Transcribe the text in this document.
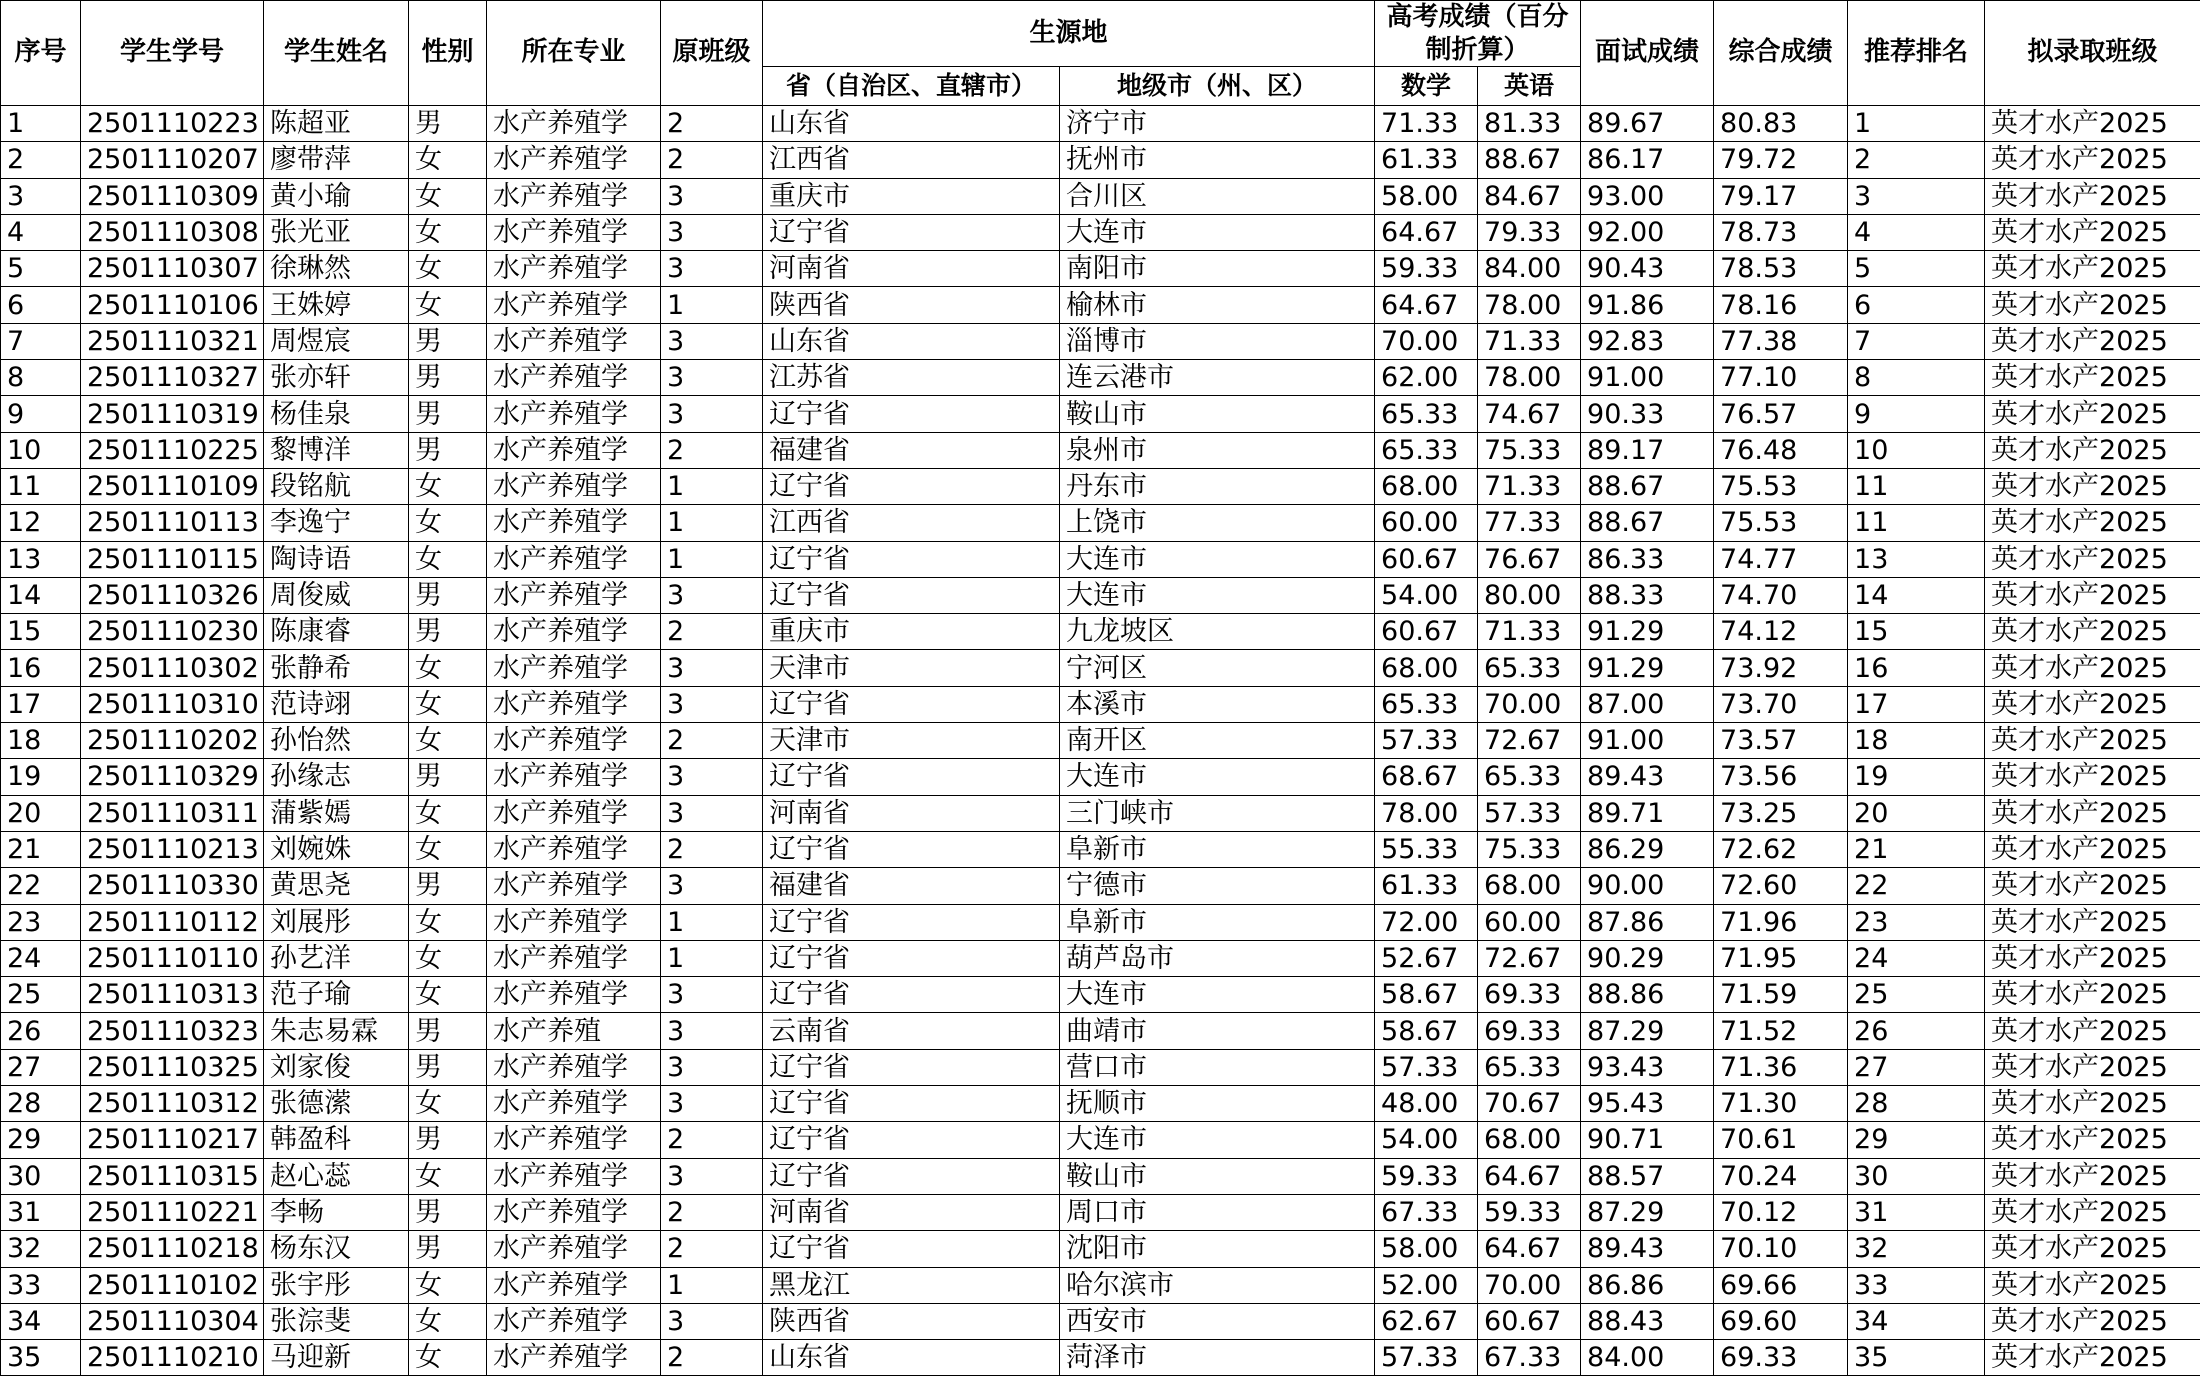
序号	学生学号	学生姓名	性别	所在专业	原班级	生源地		高考成绩（百分制折算）		面试成绩	综合成绩	推荐排名	拟录取班级
						省（自治区、直辖市）	地级市（州、区）	数学	英语				
1	2501110223	陈超亚	男	水产养殖学	2	山东省	济宁市	71.33	81.33	89.67	80.83	1	英才水产2025
2	2501110207	廖带萍	女	水产养殖学	2	江西省	抚州市	61.33	88.67	86.17	79.72	2	英才水产2025
3	2501110309	黄小瑜	女	水产养殖学	3	重庆市	合川区	58.00	84.67	93.00	79.17	3	英才水产2025
4	2501110308	张光亚	女	水产养殖学	3	辽宁省	大连市	64.67	79.33	92.00	78.73	4	英才水产2025
5	2501110307	徐琳然	女	水产养殖学	3	河南省	南阳市	59.33	84.00	90.43	78.53	5	英才水产2025
6	2501110106	王姝婷	女	水产养殖学	1	陕西省	榆林市	64.67	78.00	91.86	78.16	6	英才水产2025
7	2501110321	周煜宸	男	水产养殖学	3	山东省	淄博市	70.00	71.33	92.83	77.38	7	英才水产2025
8	2501110327	张亦轩	男	水产养殖学	3	江苏省	连云港市	62.00	78.00	91.00	77.10	8	英才水产2025
9	2501110319	杨佳泉	男	水产养殖学	3	辽宁省	鞍山市	65.33	74.67	90.33	76.57	9	英才水产2025
10	2501110225	黎博洋	男	水产养殖学	2	福建省	泉州市	65.33	75.33	89.17	76.48	10	英才水产2025
11	2501110109	段铭航	女	水产养殖学	1	辽宁省	丹东市	68.00	71.33	88.67	75.53	11	英才水产2025
12	2501110113	李逸宁	女	水产养殖学	1	江西省	上饶市	60.00	77.33	88.67	75.53	11	英才水产2025
13	2501110115	陶诗语	女	水产养殖学	1	辽宁省	大连市	60.67	76.67	86.33	74.77	13	英才水产2025
14	2501110326	周俊威	男	水产养殖学	3	辽宁省	大连市	54.00	80.00	88.33	74.70	14	英才水产2025
15	2501110230	陈康睿	男	水产养殖学	2	重庆市	九龙坡区	60.67	71.33	91.29	74.12	15	英才水产2025
16	2501110302	张静希	女	水产养殖学	3	天津市	宁河区	68.00	65.33	91.29	73.92	16	英才水产2025
17	2501110310	范诗翊	女	水产养殖学	3	辽宁省	本溪市	65.33	70.00	87.00	73.70	17	英才水产2025
18	2501110202	孙怡然	女	水产养殖学	2	天津市	南开区	57.33	72.67	91.00	73.57	18	英才水产2025
19	2501110329	孙缘志	男	水产养殖学	3	辽宁省	大连市	68.67	65.33	89.43	73.56	19	英才水产2025
20	2501110311	蒲紫嫣	女	水产养殖学	3	河南省	三门峡市	78.00	57.33	89.71	73.25	20	英才水产2025
21	2501110213	刘婉姝	女	水产养殖学	2	辽宁省	阜新市	55.33	75.33	86.29	72.62	21	英才水产2025
22	2501110330	黄思尧	男	水产养殖学	3	福建省	宁德市	61.33	68.00	90.00	72.60	22	英才水产2025
23	2501110112	刘展彤	女	水产养殖学	1	辽宁省	阜新市	72.00	60.00	87.86	71.96	23	英才水产2025
24	2501110110	孙艺洋	女	水产养殖学	1	辽宁省	葫芦岛市	52.67	72.67	90.29	71.95	24	英才水产2025
25	2501110313	范子瑜	女	水产养殖学	3	辽宁省	大连市	58.67	69.33	88.86	71.59	25	英才水产2025
26	2501110323	朱志易霖	男	水产养殖	3	云南省	曲靖市	58.67	69.33	87.29	71.52	26	英才水产2025
27	2501110325	刘家俊	男	水产养殖学	3	辽宁省	营口市	57.33	65.33	93.43	71.36	27	英才水产2025
28	2501110312	张德潆	女	水产养殖学	3	辽宁省	抚顺市	48.00	70.67	95.43	71.30	28	英才水产2025
29	2501110217	韩盈科	男	水产养殖学	2	辽宁省	大连市	54.00	68.00	90.71	70.61	29	英才水产2025
30	2501110315	赵心蕊	女	水产养殖学	3	辽宁省	鞍山市	59.33	64.67	88.57	70.24	30	英才水产2025
31	2501110221	李畅	男	水产养殖学	2	河南省	周口市	67.33	59.33	87.29	70.12	31	英才水产2025
32	2501110218	杨东汉	男	水产养殖学	2	辽宁省	沈阳市	58.00	64.67	89.43	70.10	32	英才水产2025
33	2501110102	张宇彤	女	水产养殖学	1	黑龙江	哈尔滨市	52.00	70.00	86.86	69.66	33	英才水产2025
34	2501110304	张淙斐	女	水产养殖学	3	陕西省	西安市	62.67	60.67	88.43	69.60	34	英才水产2025
35	2501110210	马迎新	女	水产养殖学	2	山东省	菏泽市	57.33	67.33	84.00	69.33	35	英才水产2025
